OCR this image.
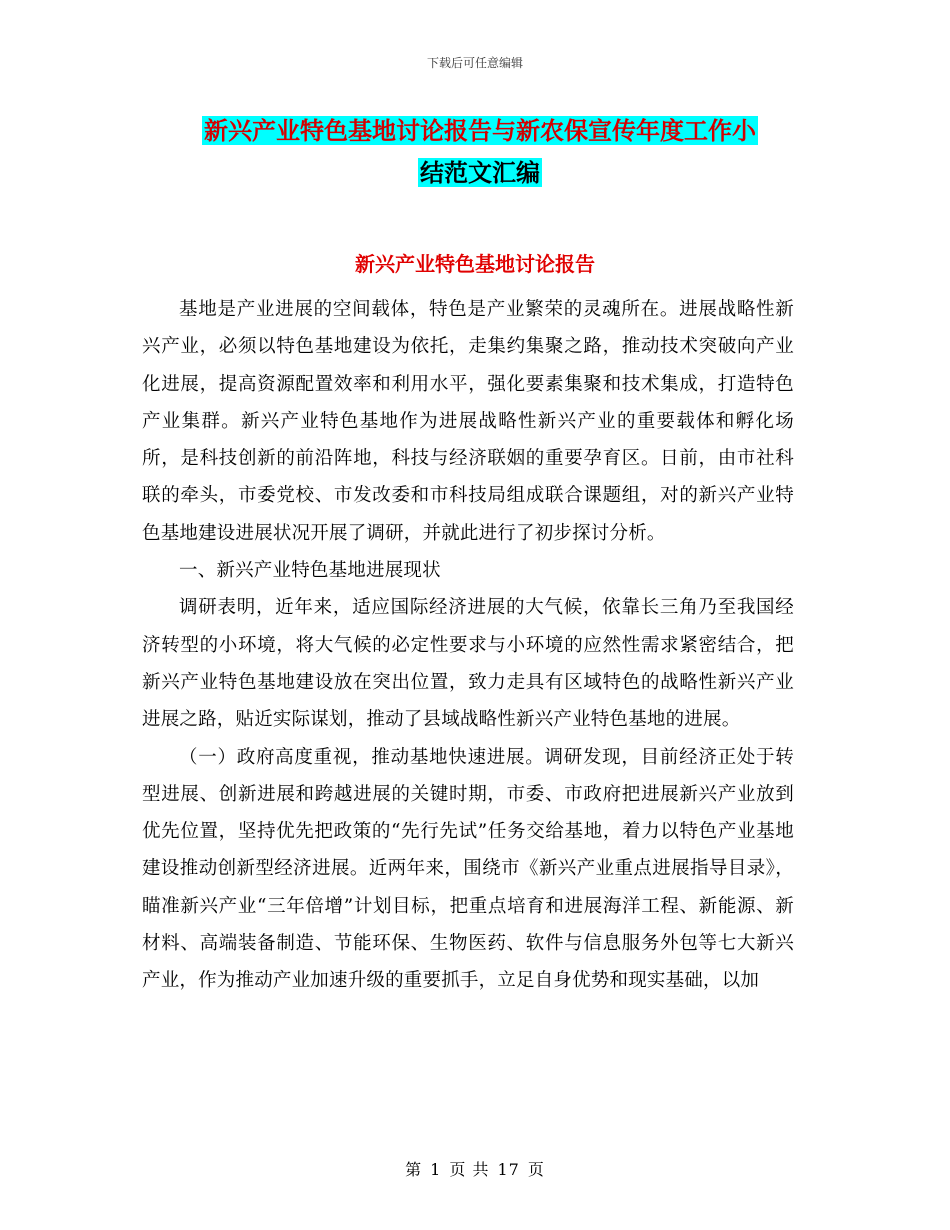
下载后可任意编辑
新兴产业特色基地讨论报告与新农保宣传年度工作小
结范文汇编
新兴产业特色基地讨论报告

基地是产业进展的空间载体，特色是产业繁荣的灵魂所在。进展战略性新兴产业，必须以特色基地建设为依托，走集约集聚之路，推动技术突破向产业化进展，提高资源配置效率和利用水平，强化要素集聚和技术集成，打造特色产业集群。新兴产业特色基地作为进展战略性新兴产业的重要载体和孵化场所，是科技创新的前沿阵地，科技与经济联姻的重要孕育区。日前，由市社科联的牵头，市委党校、市发改委和市科技局组成联合课题组，对的新兴产业特色基地建设进展状况开展了调研，并就此进行了初步探讨分析。

一、新兴产业特色基地进展现状

调研表明，近年来，适应国际经济进展的大气候，依靠长三角乃至我国经济转型的小环境，将大气候的必定性要求与小环境的应然性需求紧密结合，把新兴产业特色基地建设放在突出位置，致力走具有区域特色的战略性新兴产业进展之路，贴近实际谋划，推动了县域战略性新兴产业特色基地的进展。

（一）政府高度重视，推动基地快速进展。调研发现，目前经济正处于转型进展、创新进展和跨越进展的关键时期，市委、市政府把进展新兴产业放到优先位置，坚持优先把政策的“先行先试”任务交给基地，着力以特色产业基地建设推动创新型经济进展。近两年来，围绕市《新兴产业重点进展指导目录》，瞄准新兴产业“三年倍增”计划目标，把重点培育和进展海洋工程、新能源、新材料、高端装备制造、节能环保、生物医药、软件与信息服务外包等七大新兴产业，作为推动产业加速升级的重要抓手，立足自身优势和现实基础，以加

第 1 页 共 17 页
